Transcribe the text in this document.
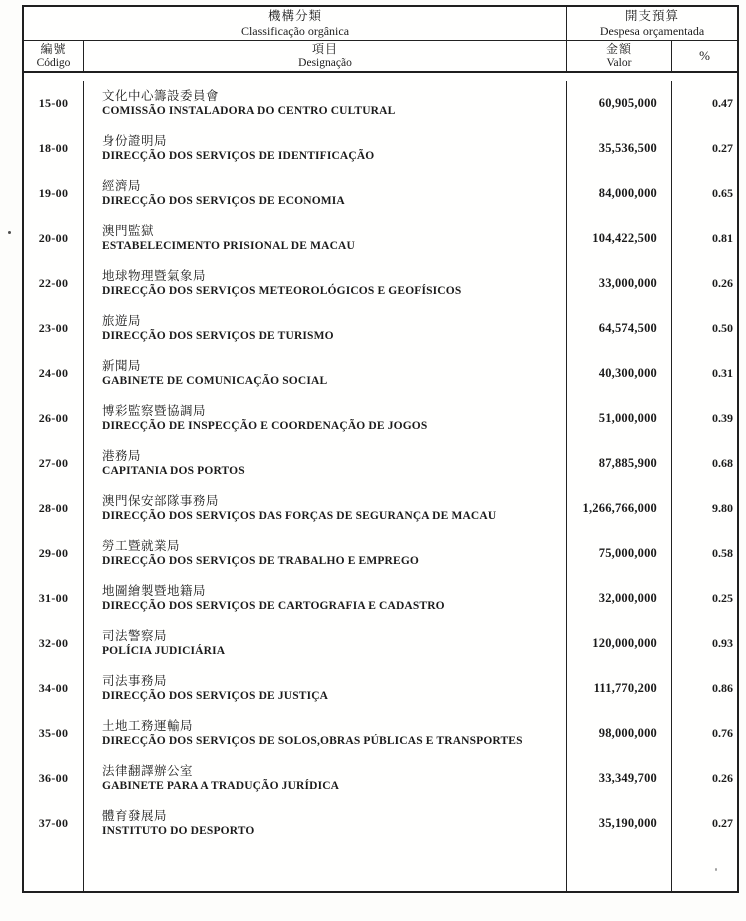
機構分類
Classificação orgânica
開支預算
Despesa orçamentada
編號
Código
項目
Designação
金額
Valor	%
15-00
文化中心籌設委員會
COMISSÃO INSTALADORA DO CENTRO CULTURAL
60,905,000	0.47
18-00
身份證明局
DIRECÇÃO DOS SERVIÇOS DE IDENTIFICAÇÃO
35,536,500	0.27
19-00
經濟局
DIRECÇÃO DOS SERVIÇOS DE ECONOMIA
84,000,000	0.65
20-00
澳門監獄
ESTABELECIMENTO PRISIONAL DE MACAU
104,422,500	0.81
22-00
地球物理暨氣象局
DIRECÇÃO DOS SERVIÇOS METEOROLÓGICOS E GEOFÍSICOS
33,000,000	0.26
23-00
旅遊局
DIRECÇÃO DOS SERVIÇOS DE TURISMO
64,574,500	0.50
24-00
新聞局
GABINETE DE COMUNICAÇÃO SOCIAL
40,300,000	0.31
26-00
博彩監察暨協調局
DIRECÇÃO DE INSPECÇÃO E COORDENAÇÃO DE JOGOS
51,000,000	0.39
27-00
港務局
CAPITANIA DOS PORTOS
87,885,900	0.68
28-00
澳門保安部隊事務局
DIRECÇÃO DOS SERVIÇOS DAS FORÇAS DE SEGURANÇA DE MACAU
1,266,766,000	9.80
29-00
勞工暨就業局
DIRECÇÃO DOS SERVIÇOS DE TRABALHO E EMPREGO
75,000,000	0.58
31-00
地圖繪製暨地籍局
DIRECÇÃO DOS SERVIÇOS DE CARTOGRAFIA E CADASTRO
32,000,000	0.25
32-00
司法警察局
POLÍCIA JUDICIÁRIA
120,000,000	0.93
34-00
司法事務局
DIRECÇÃO DOS SERVIÇOS DE JUSTIÇA
111,770,200	0.86
35-00
土地工務運輸局
DIRECÇÃO DOS SERVIÇOS DE SOLOS,OBRAS PÚBLICAS E TRANSPORTES
98,000,000	0.76
36-00
法律翻譯辦公室
GABINETE PARA A TRADUÇÃO JURÍDICA
33,349,700	0.26
37-00
體育發展局
INSTITUTO DO DESPORTO
35,190,000	0.27
